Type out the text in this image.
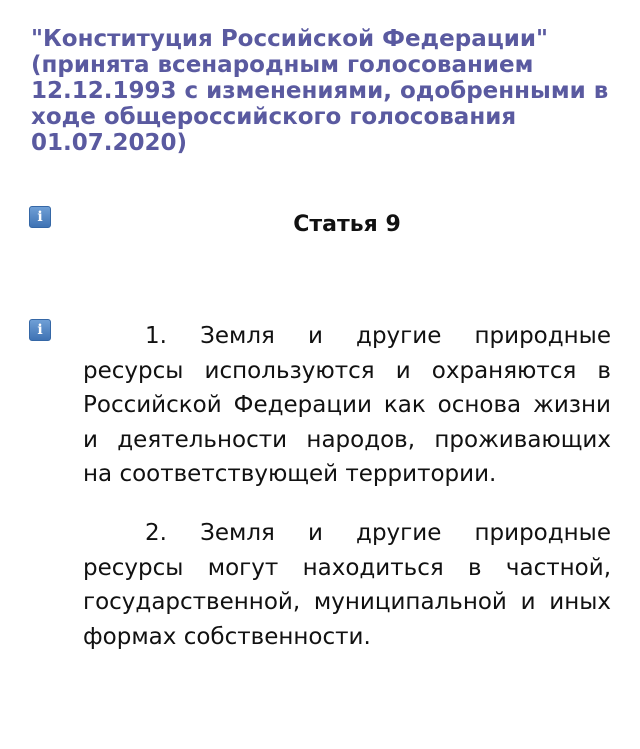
"Конституция Российской Федерации" (принята всенародным голосованием 12.12.1993 с изменениями, одобренными в ходе общероссийского голосования 01.07.2020)
i	Статья 9
i	1. Земля и другие природные ресурсы используются и охраняются в Российской Федерации как основа жизни и деятельности народов, проживающих на соответствующей территории.

2. Земля и другие природные ресурсы могут находиться в частной, государственной, муниципальной и иных формах собственности.
